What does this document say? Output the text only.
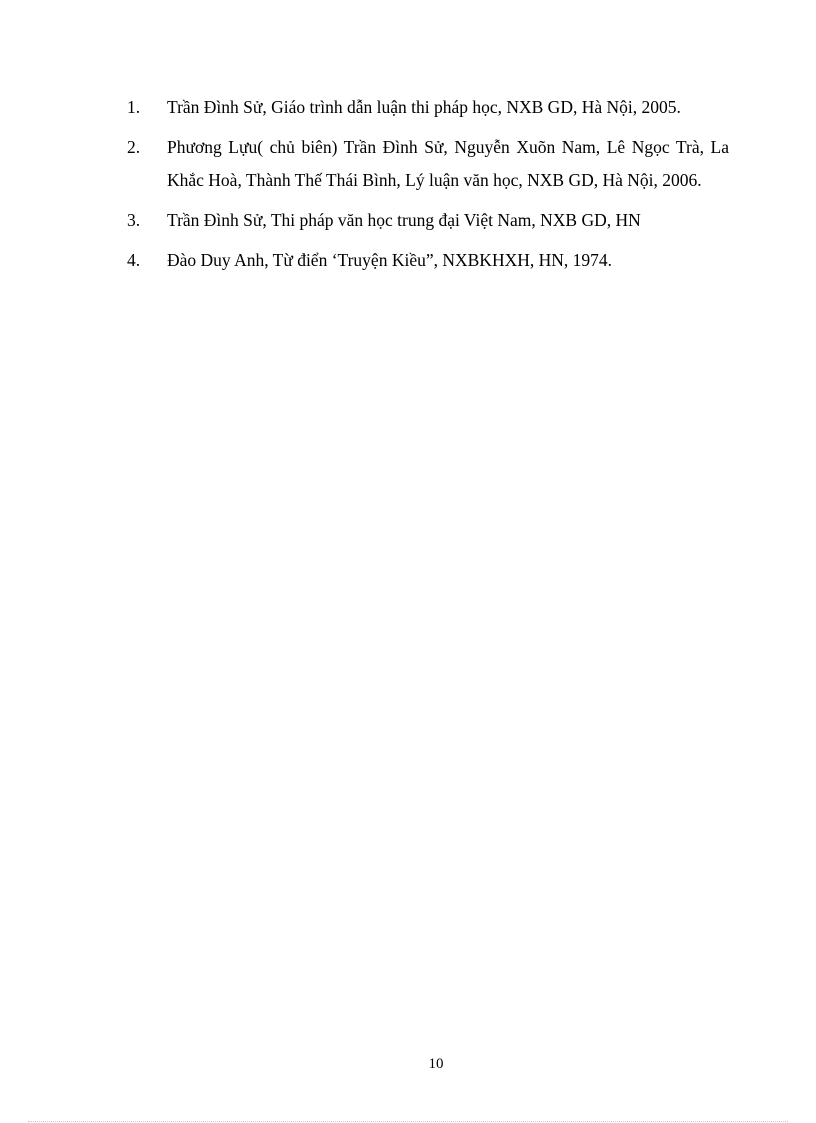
1. Trần Đình Sử, Giáo trình dẫn luận thi pháp học, NXB GD, Hà Nội, 2005.
2. Phương Lựu( chủ biên) Trần Đình Sử, Nguyễn Xuõn Nam, Lê Ngọc Trà, La Khắc Hoà, Thành Thế Thái Bình, Lý luận văn học, NXB GD, Hà Nội, 2006.
3. Trần Đình Sử, Thi pháp văn học trung đại Việt Nam, NXB GD, HN
4. Đào Duy Anh, Từ điển ‘Truyện Kiều”, NXBKHXH, HN, 1974.
10
